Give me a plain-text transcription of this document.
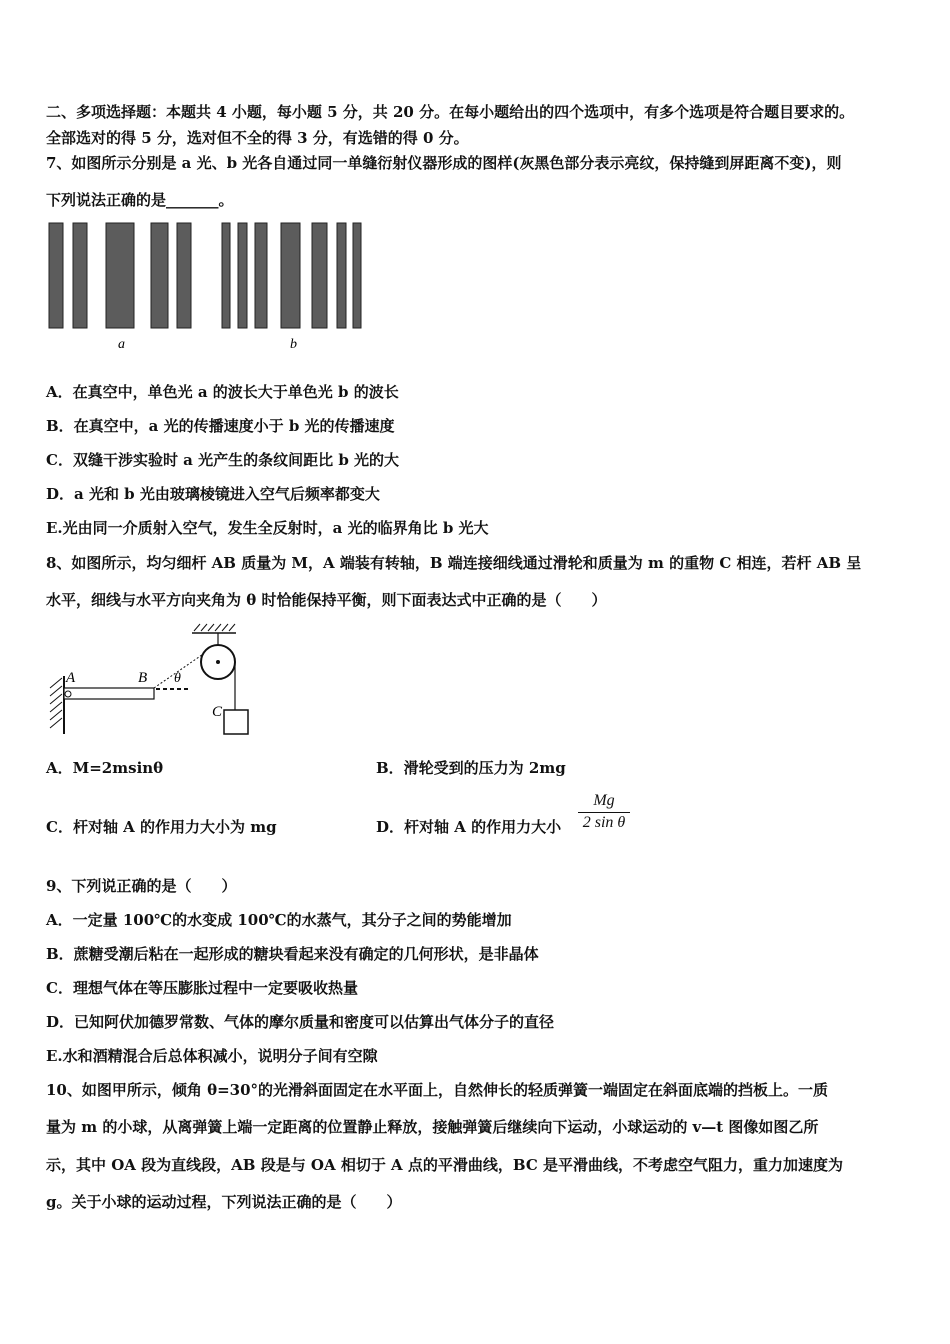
二、多项选择题：本题共 4 小题，每小题 5 分，共 20 分。在每小题给出的四个选项中，有多个选项是符合题目要求的。
全部选对的得 5 分，选对但不全的得 3 分，有选错的得 0 分。
7、如图所示分别是 a 光、b 光各自通过同一单缝衍射仪器形成的图样(灰黑色部分表示亮纹，保持缝到屏距离不变)，则
下列说法正确的是_______。
a	b
A．在真空中，单色光 a 的波长大于单色光 b 的波长
B．在真空中，a 光的传播速度小于 b 光的传播速度
C．双缝干涉实验时 a 光产生的条纹间距比 b 光的大
D．a 光和 b 光由玻璃棱镜进入空气后频率都变大
E.光由同一介质射入空气，发生全反射时，a 光的临界角比 b 光大
8、如图所示，均匀细杆 AB 质量为 M，A 端装有转轴，B 端连接细线通过滑轮和质量为 m 的重物 C 相连，若杆 AB 呈
水平，细线与水平方向夹角为 θ 时恰能保持平衡，则下面表达式中正确的是（　　）
A	B θ
C
A．M=2msinθ	B．滑轮受到的压力为 2mg
C．杆对轴 A 的作用力大小为 mg	D．杆对轴 A 的作用力大小 $\frac{Mg}{\text{2 sin θ}}$
9、下列说正确的是（　　）
A．一定量 100℃的水变成 100℃的水蒸气，其分子之间的势能增加
B．蔗糖受潮后粘在一起形成的糖块看起来没有确定的几何形状，是非晶体
C．理想气体在等压膨胀过程中一定要吸收热量
D．已知阿伏加德罗常数、气体的摩尔质量和密度可以估算出气体分子的直径
E.水和酒精混合后总体积减小，说明分子间有空隙
10、如图甲所示，倾角 θ=30°的光滑斜面固定在水平面上，自然伸长的轻质弹簧一端固定在斜面底端的挡板上。一质
量为 m 的小球，从离弹簧上端一定距离的位置静止释放，接触弹簧后继续向下运动，小球运动的 v—t 图像如图乙所
示，其中 OA 段为直线段，AB 段是与 OA 相切于 A 点的平滑曲线，BC 是平滑曲线，不考虑空气阻力，重力加速度为
g。关于小球的运动过程，下列说法正确的是（　　）
